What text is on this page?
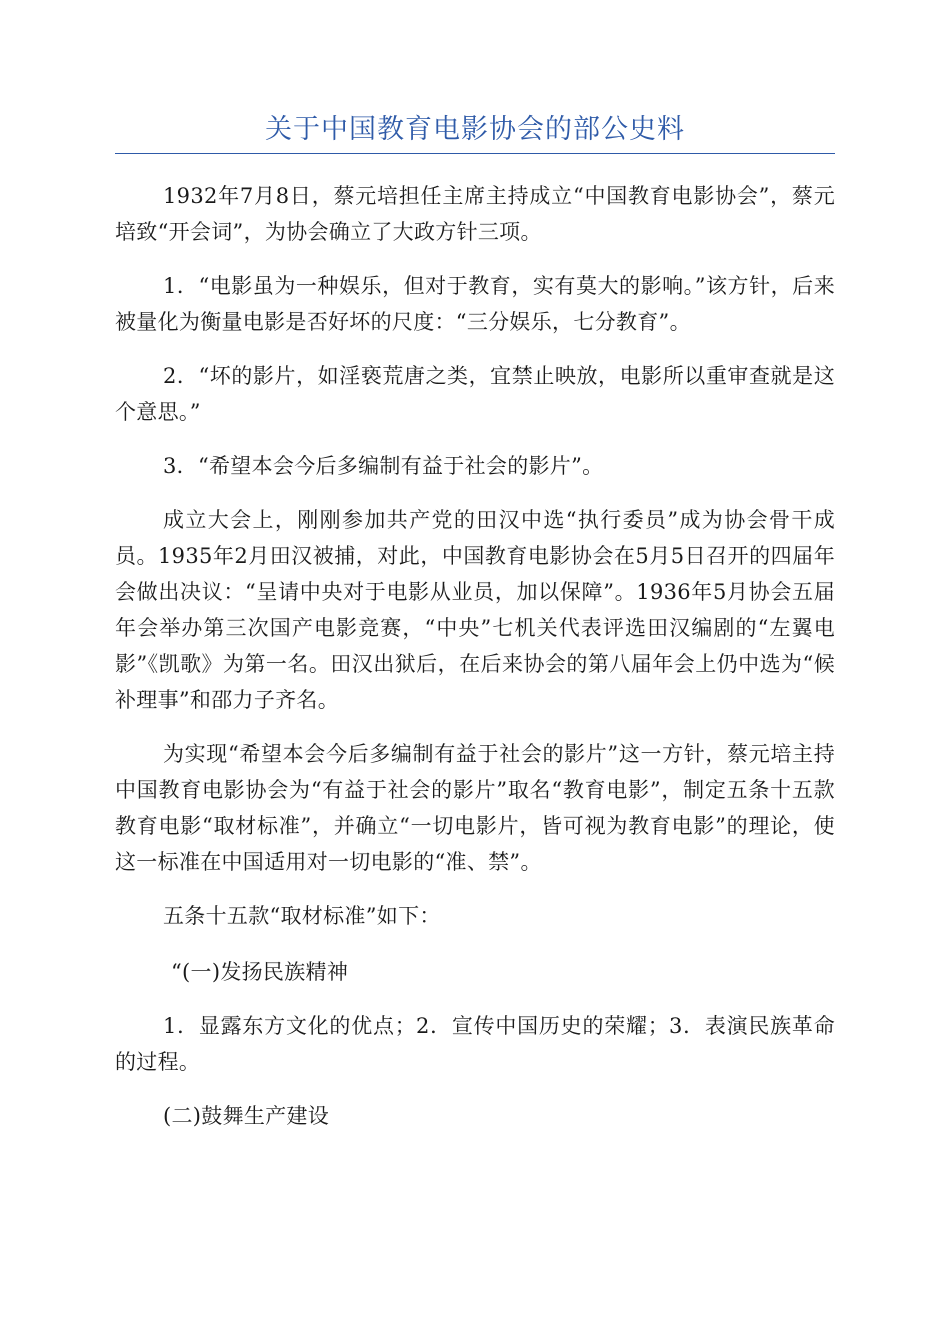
关于中国教育电影协会的部公史料

1932年7月8日，蔡元培担任主席主持成立“中国教育电影协会”，蔡元培致“开会词”，为协会确立了大政方针三项。

1．“电影虽为一种娱乐，但对于教育，实有莫大的影响。”该方针，后来被量化为衡量电影是否好坏的尺度：“三分娱乐，七分教育”。

2．“坏的影片，如淫亵荒唐之类，宜禁止映放，电影所以重审查就是这个意思。”

3．“希望本会今后多编制有益于社会的影片”。

成立大会上，刚刚参加共产党的田汉中选“执行委员”成为协会骨干成员。1935年2月田汉被捕，对此，中国教育电影协会在5月5日召开的四届年会做出决议：“呈请中央对于电影从业员，加以保障”。1936年5月协会五届年会举办第三次国产电影竞赛，“中央”七机关代表评选田汉编剧的“左翼电影”《凯歌》为第一名。田汉出狱后，在后来协会的第八届年会上仍中选为“候补理事”和邵力子齐名。

为实现“希望本会今后多编制有益于社会的影片”这一方针，蔡元培主持中国教育电影协会为“有益于社会的影片”取名“教育电影”，制定五条十五款教育电影“取材标准”，并确立“一切电影片，皆可视为教育电影”的理论，使这一标准在中国适用对一切电影的“准、禁”。

五条十五款“取材标准”如下：

“(一)发扬民族精神

1．显露东方文化的优点；2．宣传中国历史的荣耀；3．表演民族革命的过程。

(二)鼓舞生产建设
